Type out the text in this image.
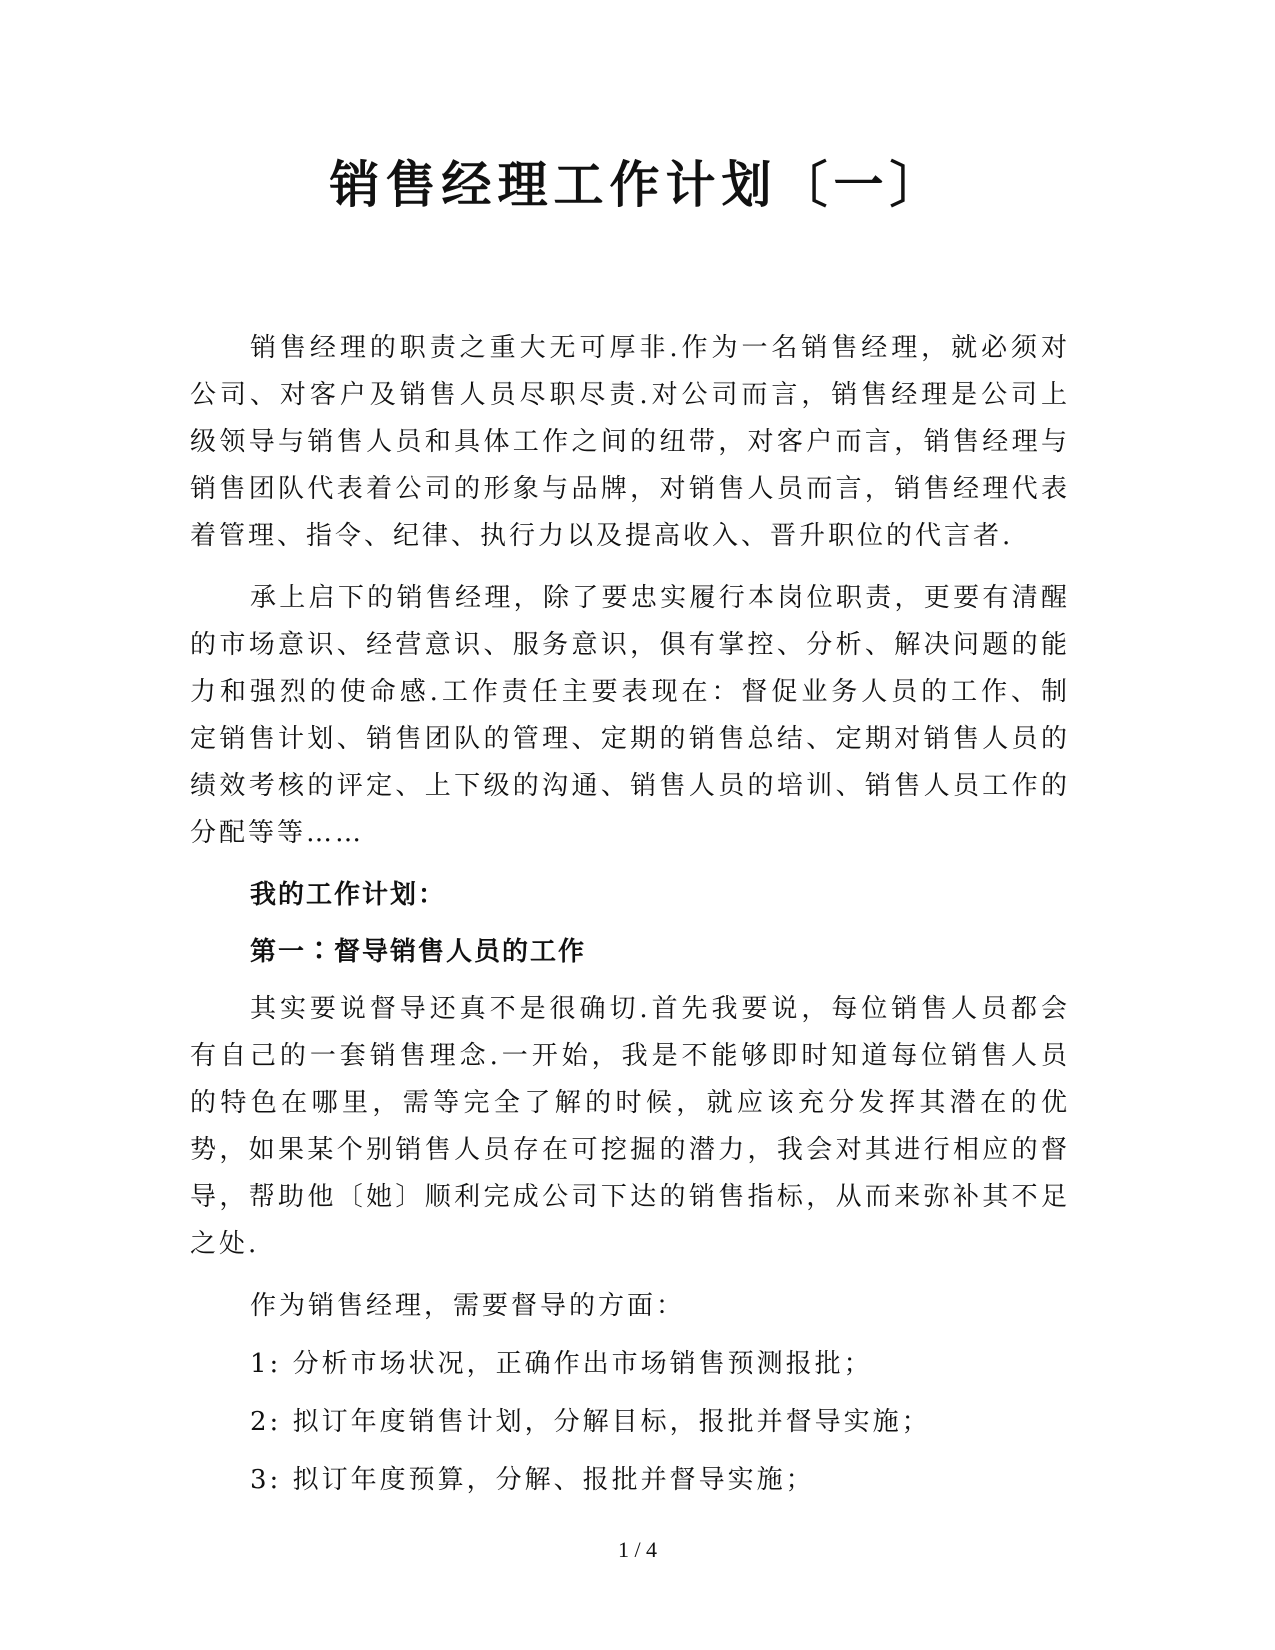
销售经理工作计划〔一〕

销售经理的职责之重大无可厚非.作为一名销售经理，就必须对公司、对客户及销售人员尽职尽责.对公司而言，销售经理是公司上级领导与销售人员和具体工作之间的纽带，对客户而言，销售经理与销售团队代表着公司的形象与品牌，对销售人员而言，销售经理代表着管理、指令、纪律、执行力以及提高收入、晋升职位的代言者.

承上启下的销售经理，除了要忠实履行本岗位职责，更要有清醒的市场意识、经营意识、服务意识，俱有掌控、分析、解决问题的能力和强烈的使命感.工作责任主要表现在：督促业务人员的工作、制定销售计划、销售团队的管理、定期的销售总结、定期对销售人员的绩效考核的评定、上下级的沟通、销售人员的培训、销售人员工作的分配等等……

我的工作计划：

第一∶督导销售人员的工作

其实要说督导还真不是很确切.首先我要说，每位销售人员都会有自己的一套销售理念.一开始，我是不能够即时知道每位销售人员的特色在哪里，需等完全了解的时候，就应该充分发挥其潜在的优势，如果某个别销售人员存在可挖掘的潜力，我会对其进行相应的督导，帮助他〔她〕顺利完成公司下达的销售指标，从而来弥补其不足之处.

作为销售经理，需要督导的方面：

1: 分析市场状况，正确作出市场销售预测报批；

2: 拟订年度销售计划，分解目标，报批并督导实施；

3: 拟订年度预算，分解、报批并督导实施；

1 / 4
